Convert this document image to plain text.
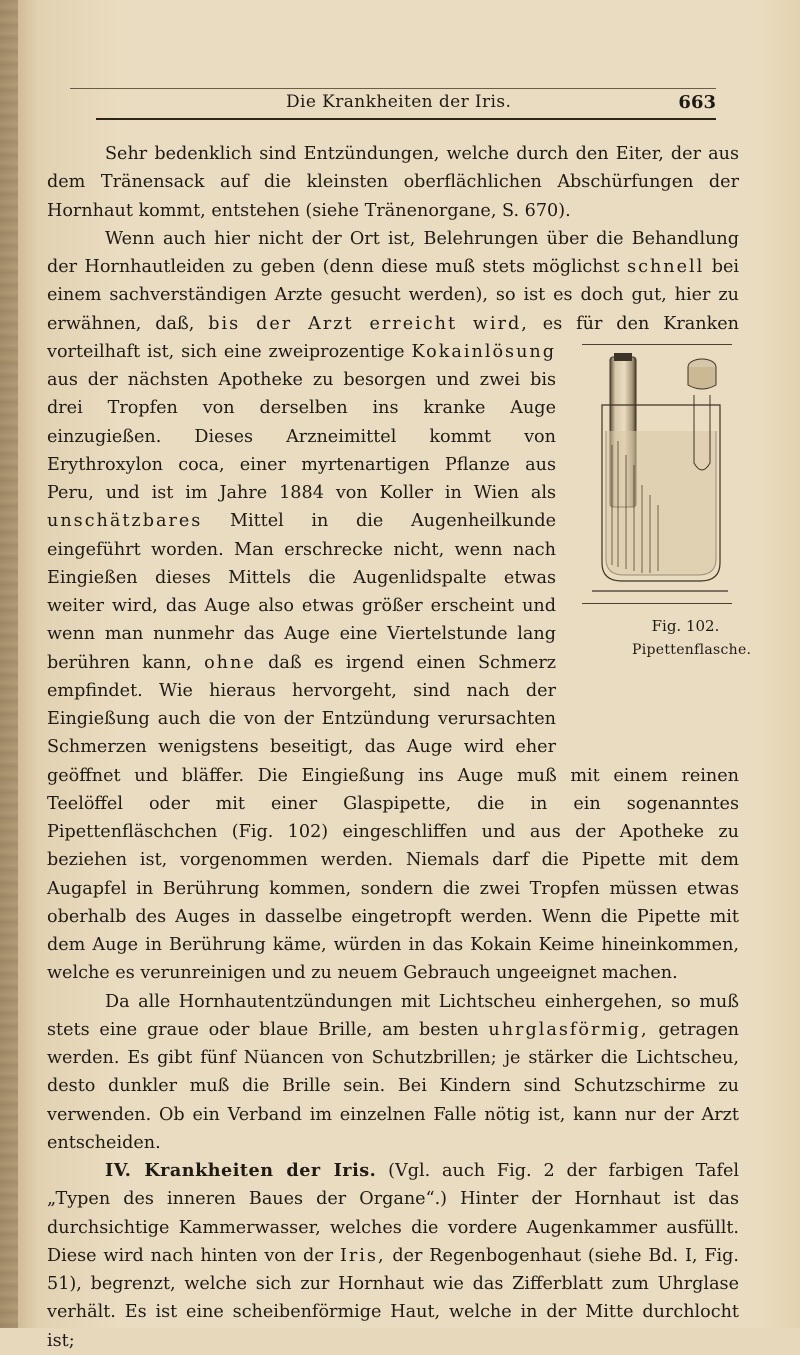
Die Krankheiten der Iris.	663

Sehr bedenklich sind Entzündungen, welche durch den Eiter, der aus dem Tränensack auf die kleinsten oberflächlichen Abschürfungen der Hornhaut kommt, entstehen (siehe Tränenorgane, S. 670).

Wenn auch hier nicht der Ort ist, Belehrungen über die Behandlung der Hornhautleiden zu geben (denn diese muß stets möglichst schnell bei einem sachverständigen Arzte gesucht werden), so ist es doch gut, hier zu erwähnen, daß, bis der Arzt erreicht wird, es für den Kranken vorteilhaft ist, sich eine zweiprozentige
Fig. 102.
Pipettenflasche.
Kokainlösung aus der nächsten Apotheke zu besorgen und zwei bis drei Tropfen von derselben ins kranke Auge einzugießen. Dieses Arzneimittel kommt von Erythroxylon coca, einer myrtenartigen Pflanze aus Peru, und ist im Jahre 1884 von Koller in Wien als unschätzbares Mittel in die Augenheilkunde eingeführt worden. Man erschrecke nicht, wenn nach Eingießen dieses Mittels die Augenlidspalte etwas weiter wird, das Auge also etwas größer erscheint und wenn man nunmehr das Auge eine Viertelstunde lang berühren kann, ohne daß es irgend einen Schmerz empfindet. Wie hieraus hervorgeht, sind nach der Eingießung auch die von der Entzündung verursachten Schmerzen wenigstens beseitigt, das Auge wird eher geöffnet und bläffer. Die Eingießung ins Auge muß mit einem reinen Teelöffel oder mit einer Glaspipette, die in ein sogenanntes Pipettenfläschchen (Fig. 102) eingeschliffen und aus der Apotheke zu beziehen ist, vorgenommen werden. Niemals darf die Pipette mit dem Augapfel in Berührung kommen, sondern die zwei Tropfen müssen etwas oberhalb des Auges in dasselbe eingetropft werden. Wenn die Pipette mit dem Auge in Berührung käme, würden in das Kokain Keime hineinkommen, welche es verunreinigen und zu neuem Gebrauch ungeeignet machen.

Da alle Hornhautentzündungen mit Lichtscheu einhergehen, so muß stets eine graue oder blaue Brille, am besten uhrglasförmig, getragen werden. Es gibt fünf Nüancen von Schutzbrillen; je stärker die Lichtscheu, desto dunkler muß die Brille sein. Bei Kindern sind Schutzschirme zu verwenden. Ob ein Verband im einzelnen Falle nötig ist, kann nur der Arzt entscheiden.

IV. Krankheiten der Iris. (Vgl. auch Fig. 2 der farbigen Tafel „Typen des inneren Baues der Organe“.) Hinter der Hornhaut ist das durchsichtige Kammerwasser, welches die vordere Augenkammer ausfüllt. Diese wird nach hinten von der Iris, der Regenbogenhaut (siehe Bd. I, Fig. 51), begrenzt, welche sich zur Hornhaut wie das Zifferblatt zum Uhrglase verhält. Es ist eine scheibenförmige Haut, welche in der Mitte durchlocht ist;
